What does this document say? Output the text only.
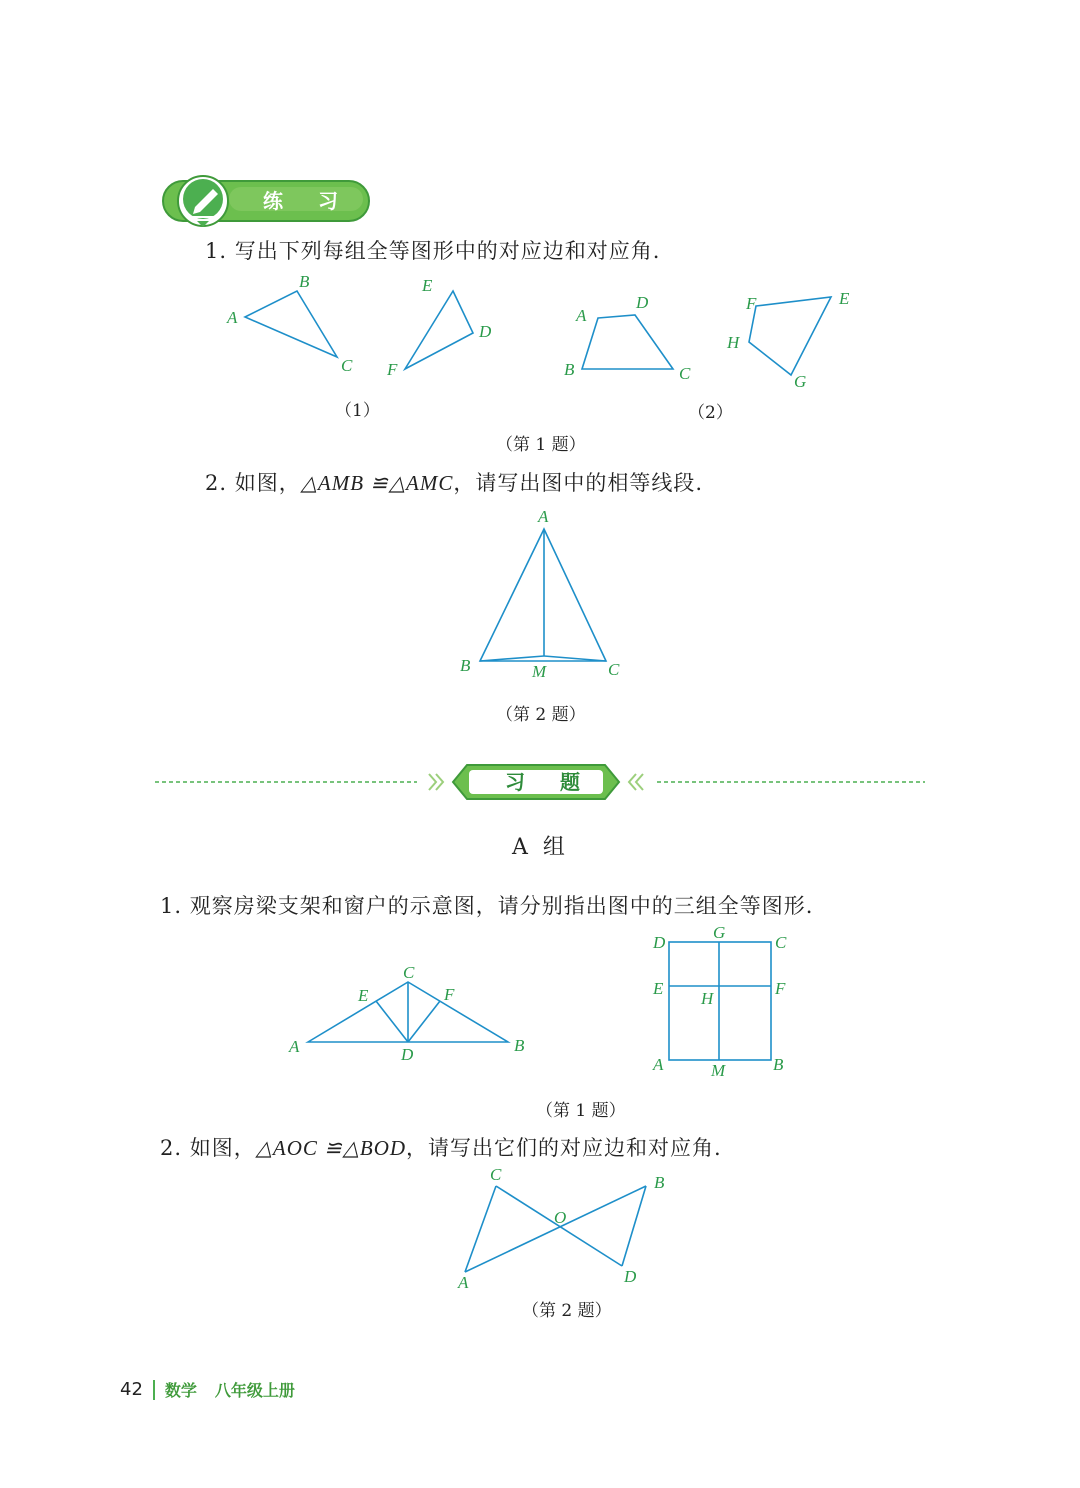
练 习
1. 写出下列每组全等图形中的对应边和对应角.
A
B
C
E
D
F
（1）
A
D
B	C
F	E
H
G
（2）
（第 1 题）
2. 如图，△AMB ≌△AMC，请写出图中的相等线段.
A
B	M	C
（第 2 题）
习 题
A 组
1. 观察房梁支架和窗户的示意图，请分别指出图中的三组全等图形.
C
E	F
A	D	B
D
G
C
E
H
F
A	M	B
（第 1 题）
2. 如图，△AOC ≌△BOD，请写出它们的对应边和对应角.
C	B
O
A	D
（第 2 题）
42 数学 八年级上册
